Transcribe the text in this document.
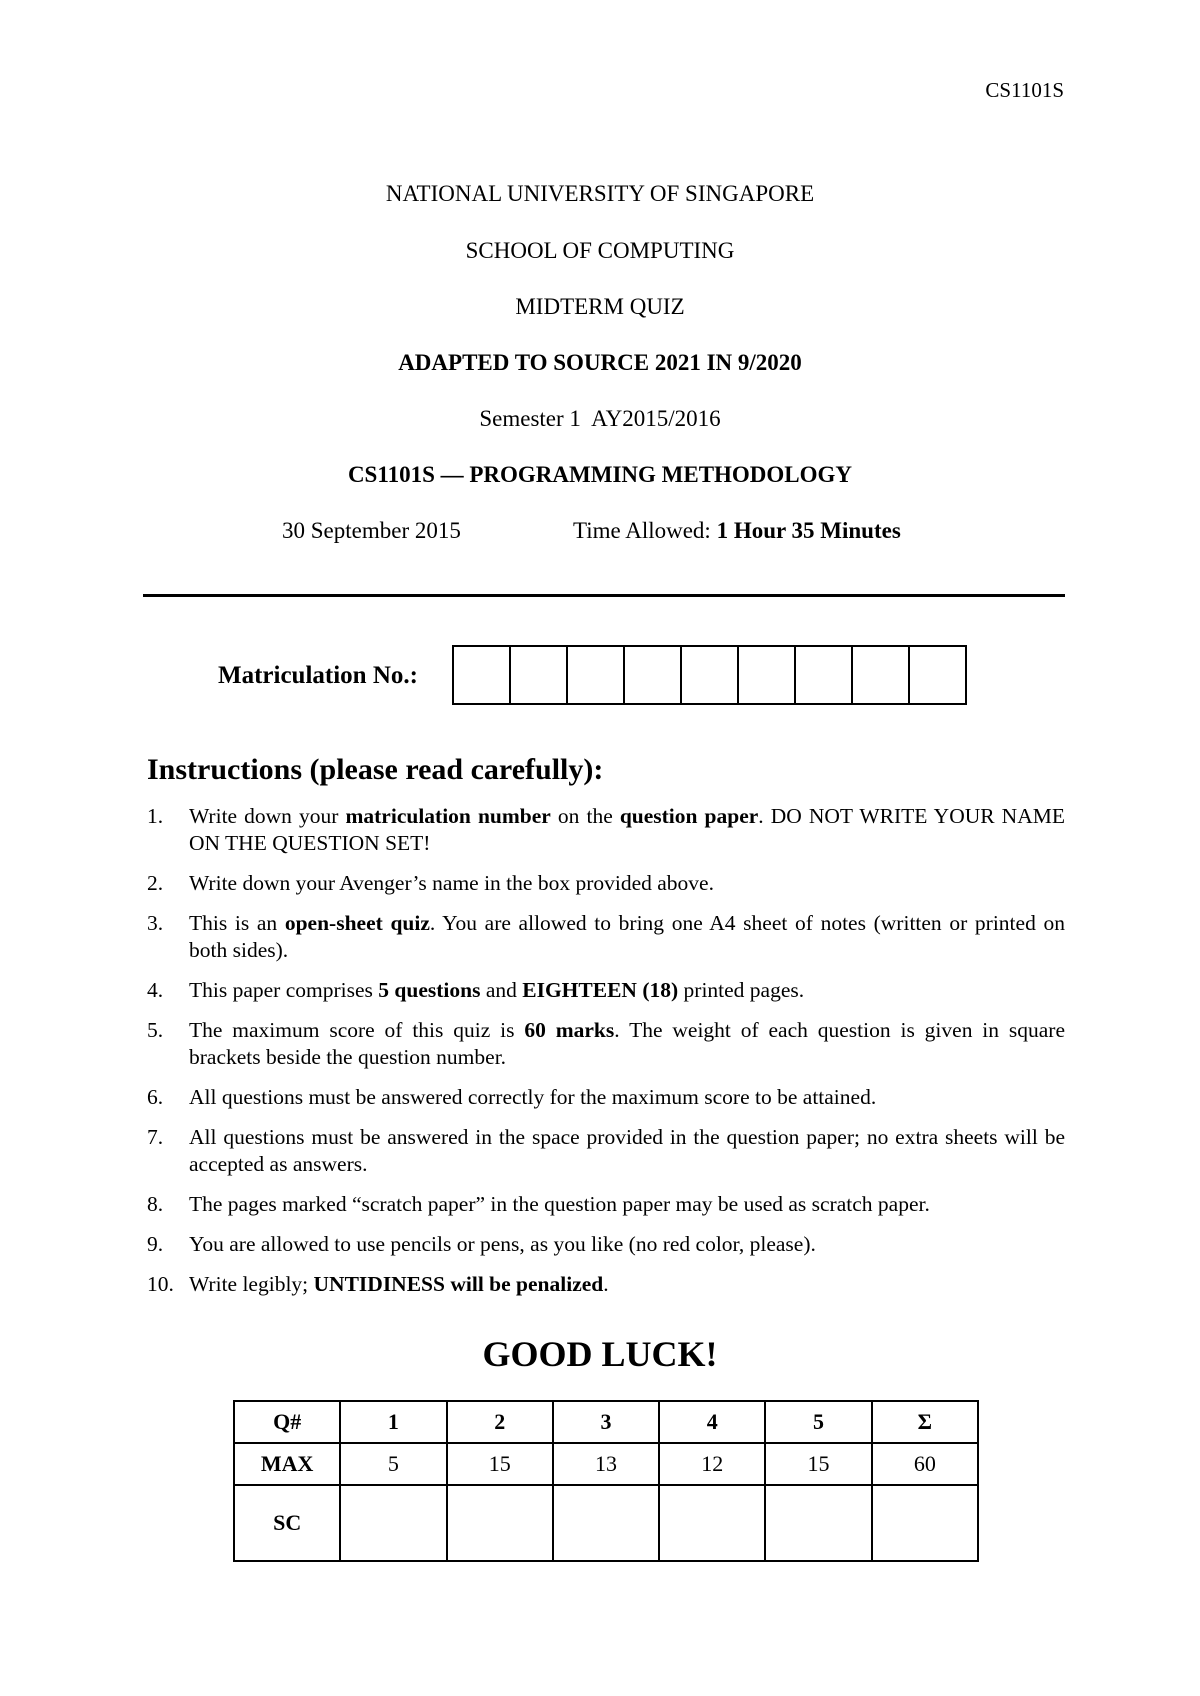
CS1101S
NATIONAL UNIVERSITY OF SINGAPORE
SCHOOL OF COMPUTING
MIDTERM QUIZ
ADAPTED TO SOURCE 2021 IN 9/2020
Semester 1  AY2015/2016
CS1101S — PROGRAMMING METHODOLOGY
30 September 2015	Time Allowed: 1 Hour 35 Minutes
Matriculation No.:
Instructions (please read carefully):
1. Write down your matriculation number on the question paper. DO NOT WRITE YOUR NAME ON THE QUESTION SET!
2. Write down your Avenger’s name in the box provided above.
3. This is an open-sheet quiz. You are allowed to bring one A4 sheet of notes (written or printed on both sides).
4. This paper comprises 5 questions and EIGHTEEN (18) printed pages.
5. The maximum score of this quiz is 60 marks. The weight of each question is given in square brackets beside the question number.
6. All questions must be answered correctly for the maximum score to be attained.
7. All questions must be answered in the space provided in the question paper; no extra sheets will be accepted as answers.
8. The pages marked “scratch paper” in the question paper may be used as scratch paper.
9. You are allowed to use pencils or pens, as you like (no red color, please).
10. Write legibly; UNTIDINESS will be penalized.
GOOD LUCK!
Q#	1	2	3	4	5	Σ
MAX	5	15	13	12	15	60
SC						
